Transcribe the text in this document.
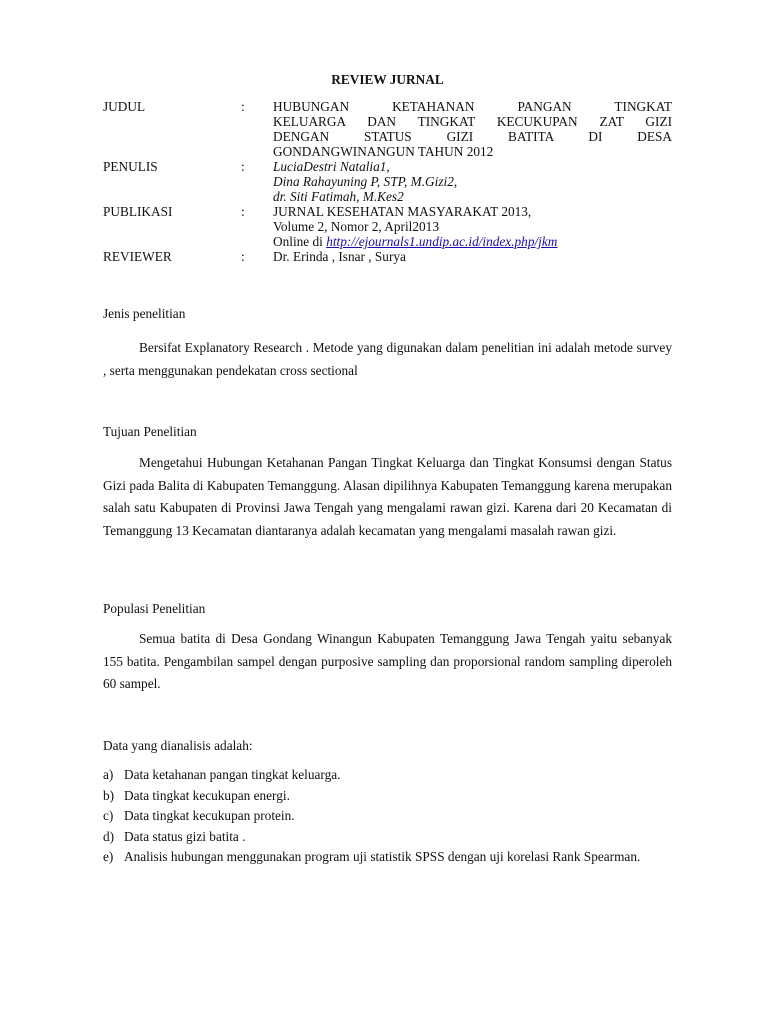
REVIEW JURNAL
JUDUL	:	HUBUNGAN KETAHANAN PANGAN TINGKAT
KELUARGA DAN TINGKAT KECUKUPAN ZAT GIZI
DENGAN STATUS GIZI BATITA DI DESA
GONDANGWINANGUN TAHUN 2012
PENULIS	:	LuciaDestri Natalia1,
Dina Rahayuning P, STP, M.Gizi2,
dr. Siti Fatimah, M.Kes2
PUBLIKASI	:	JURNAL KESEHATAN MASYARAKAT 2013,
Volume 2, Nomor 2, April2013
Online di http://ejournals1.undip.ac.id/index.php/jkm
REVIEWER	:	Dr. Erinda , Isnar , Surya
Jenis penelitian
Bersifat Explanatory Research . Metode yang digunakan dalam penelitian ini adalah metode survey , serta menggunakan pendekatan cross sectional
Tujuan Penelitian
Mengetahui Hubungan Ketahanan Pangan Tingkat Keluarga dan Tingkat Konsumsi dengan Status Gizi pada Balita di Kabupaten Temanggung. Alasan dipilihnya Kabupaten Temanggung karena merupakan salah satu Kabupaten di Provinsi Jawa Tengah yang mengalami rawan gizi. Karena dari 20 Kecamatan di Temanggung 13 Kecamatan diantaranya adalah kecamatan yang mengalami masalah rawan gizi.
Populasi Penelitian
Semua batita di Desa Gondang Winangun Kabupaten Temanggung Jawa Tengah yaitu sebanyak 155 batita. Pengambilan sampel dengan purposive sampling dan proporsional random sampling diperoleh 60 sampel.
Data yang dianalisis adalah:
a) Data ketahanan pangan tingkat keluarga.
b) Data tingkat kecukupan energi.
c) Data tingkat kecukupan protein.
d) Data status gizi batita .
e) Analisis hubungan menggunakan program uji statistik SPSS dengan uji korelasi Rank Spearman.
